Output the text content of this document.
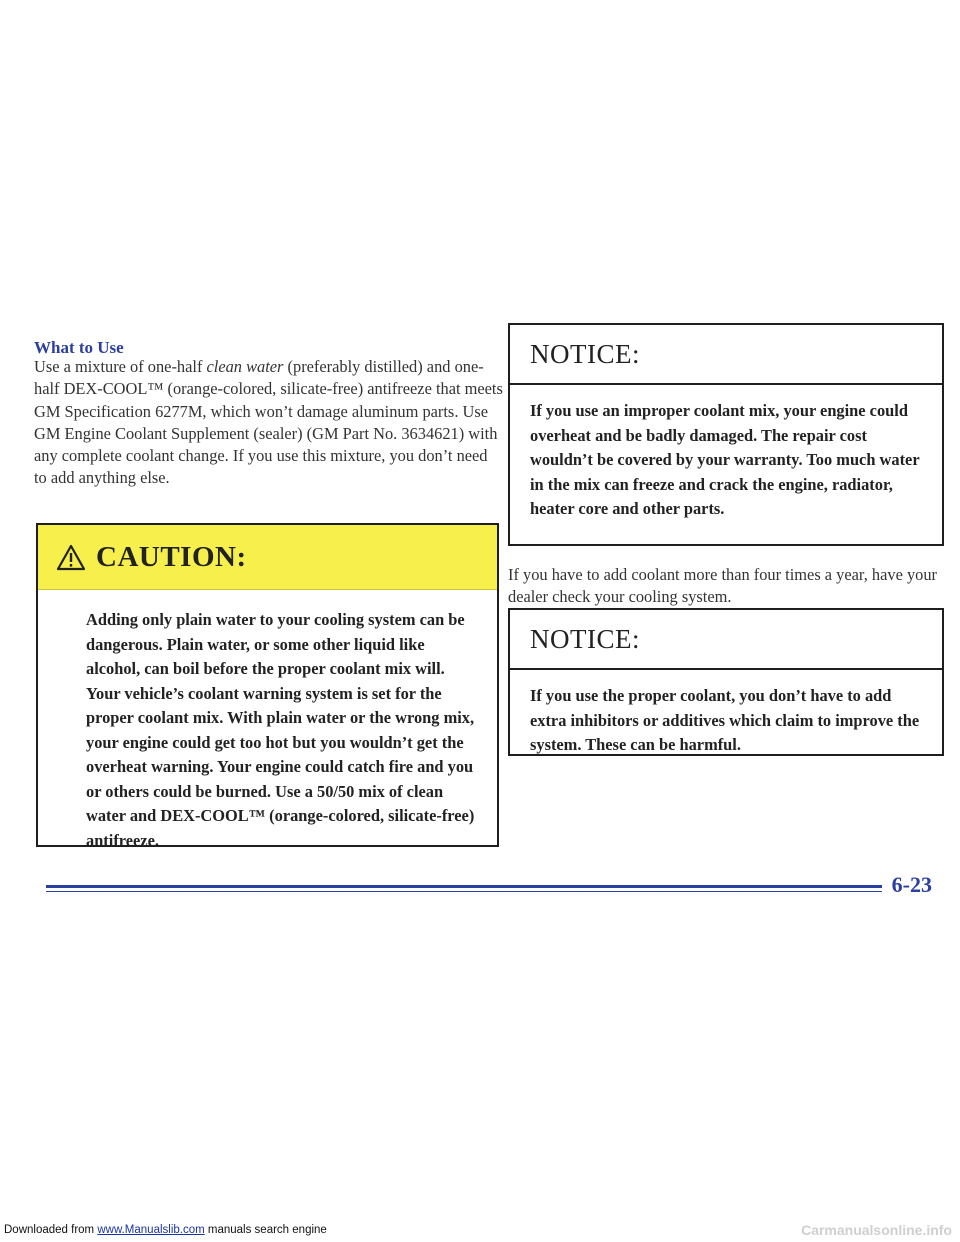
What to Use

Use a mixture of one-half clean water (preferably distilled) and one-half DEX-COOL™ (orange-colored, silicate-free) antifreeze that meets GM Specification 6277M, which won’t damage aluminum parts. Use GM Engine Coolant Supplement (sealer) (GM Part No. 3634621) with any complete coolant change. If you use this mixture, you don’t need to add anything else.

CAUTION:

Adding only plain water to your cooling system can be dangerous. Plain water, or some other liquid like alcohol, can boil before the proper coolant mix will. Your vehicle’s coolant warning system is set for the proper coolant mix. With plain water or the wrong mix, your engine could get too hot but you wouldn’t get the overheat warning. Your engine could catch fire and you or others could be burned. Use a 50/50 mix of clean water and DEX-COOL™ (orange-colored, silicate-free) antifreeze.

NOTICE:

If you use an improper coolant mix, your engine could overheat and be badly damaged. The repair cost wouldn’t be covered by your warranty. Too much water in the mix can freeze and crack the engine, radiator, heater core and other parts.

If you have to add coolant more than four times a year, have your dealer check your cooling system.

NOTICE:

If you use the proper coolant, you don’t have to add extra inhibitors or additives which claim to improve the system. These can be harmful.

6-23
Downloaded from www.Manualslib.com manuals search engine	Carmanualsonline.info
